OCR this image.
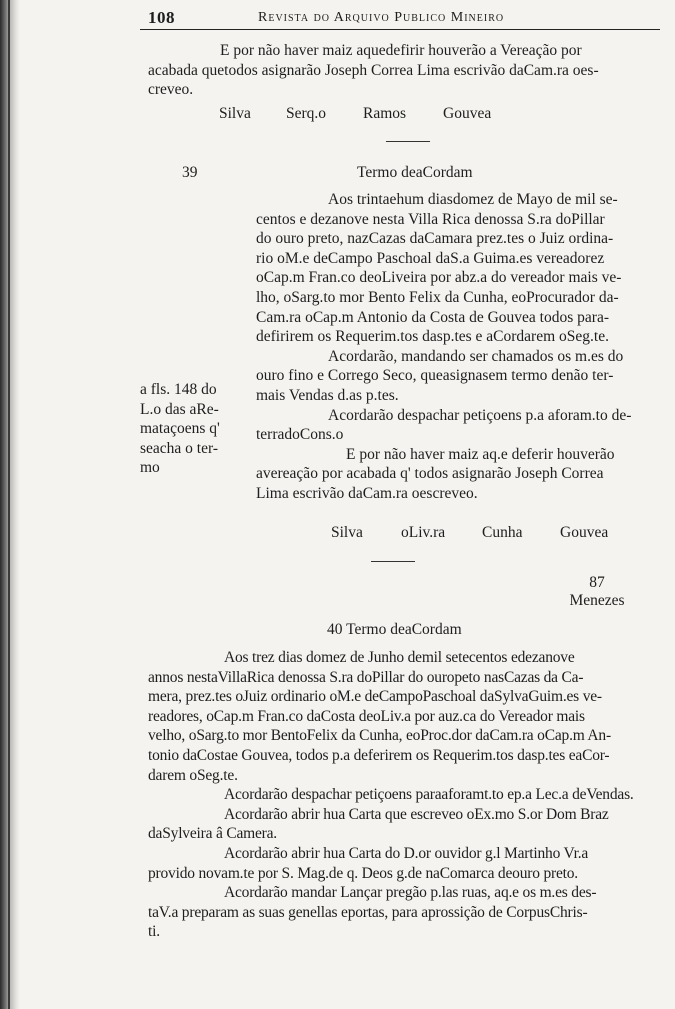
108	Revista do Arquivo Publico Mineiro

E por não haver maiz aquedefirir houverão a Vereação por

acabada quetodos asignarão Joseph Correa Lima escrivão daCam.ra oes-

creveo.

Silva Serq.o Ramos Gouvea
39	Termo deaCordam

Aos trintaehum diasdomez de Mayo de mil se-

centos e dezanove nesta Villa Rica denossa S.ra doPillar

do ouro preto, nazCazas daCamara prez.tes o Juiz ordina-

rio oM.e deCampo Paschoal daS.a Guima.es vereadorez

oCap.m Fran.co deoLiveira por abz.a do vereador mais ve-

lho, oSarg.to mor Bento Felix da Cunha, eoProcurador da-

Cam.ra oCap.m Antonio da Costa de Gouvea todos para-

defirirem os Requerim.tos dasp.tes e aCordarem oSeg.te.

Acordarão, mandando ser chamados os m.es do

ouro fino e Corrego Seco, queasignasem termo denão ter-

mais Vendas d.as p.tes.

Acordarão despachar petiçoens p.a aforam.to de-

terradoCons.o

E por não haver maiz aq.e deferir houverão

avereação por acabada q' todos asignarão Joseph Correa

Lima escrivão daCam.ra oescreveo.

a fls. 148 do

L.o das aRe-

mataçoens q'

seacha o ter-

mo

Silva oLiv.ra Cunha Gouvea
87
Menezes
40 Termo deaCordam

Aos trez dias domez de Junho demil setecentos edezanove

annos nestaVillaRica denossa S.ra doPillar do ouropeto nasCazas da Ca-

mera, prez.tes oJuiz ordinario oM.e deCampoPaschoal daSylvaGuim.es ve-

readores, oCap.m Fran.co daCosta deoLiv.a por auz.ca do Vereador mais

velho, oSarg.to mor BentoFelix da Cunha, eoProc.dor daCam.ra oCap.m An-

tonio daCostae Gouvea, todos p.a deferirem os Requerim.tos dasp.tes eaCor-

darem oSeg.te.

Acordarão despachar petiçoens paraaforamt.to ep.a Lec.a deVendas.

Acordarão abrir hua Carta que escreveo oEx.mo S.or Dom Braz

daSylveira â Camera.

Acordarão abrir hua Carta do D.or ouvidor g.l Martinho Vr.a

provido novam.te por S. Mag.de q. Deos g.de naComarca deouro preto.

Acordarão mandar Lançar pregão p.las ruas, aq.e os m.es des-

taV.a preparam as suas genellas eportas, para aprossição de CorpusChris-

ti.
